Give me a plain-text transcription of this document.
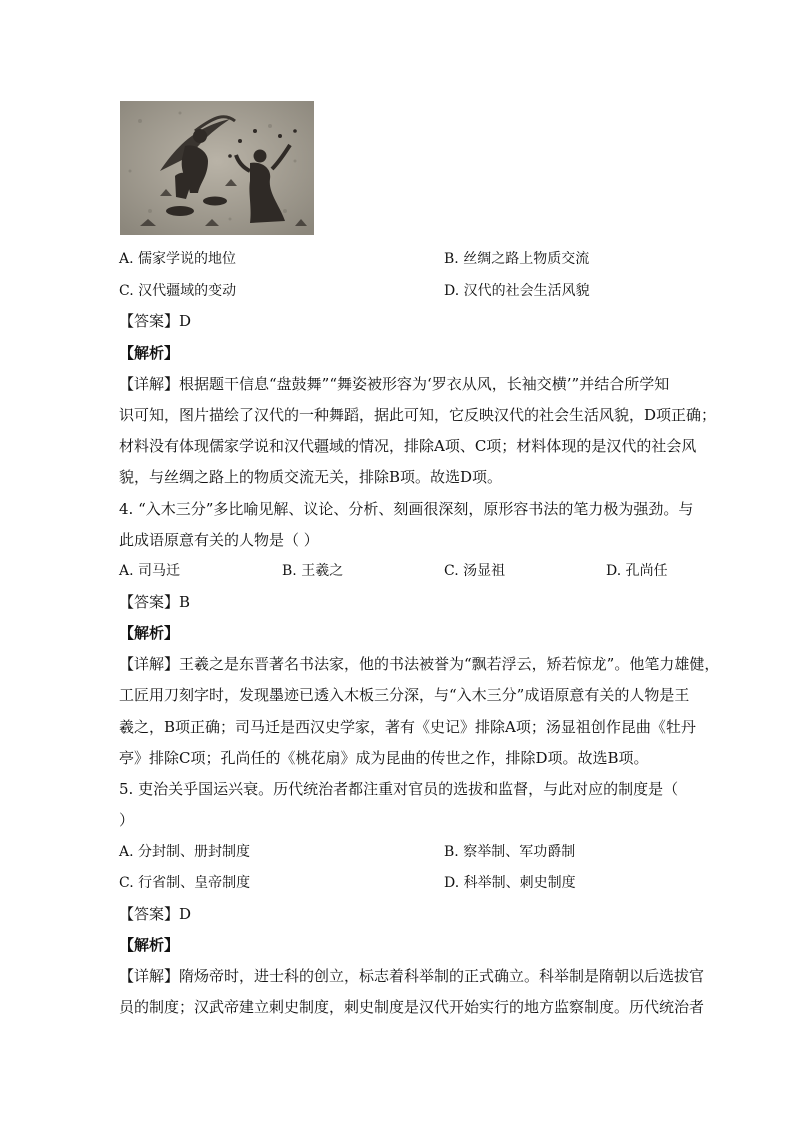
A. 儒家学说的地位	B. 丝绸之路上物质交流
C. 汉代疆域的变动	D. 汉代的社会生活风貌
【答案】D
【解析】
【详解】根据题干信息“盘鼓舞”“舞姿被形容为‘罗衣从风，长袖交横’”并结合所学知
识可知，图片描绘了汉代的一种舞蹈，据此可知，它反映汉代的社会生活风貌，D项正确；
材料没有体现儒家学说和汉代疆域的情况，排除A项、C项；材料体现的是汉代的社会风
貌，与丝绸之路上的物质交流无关，排除B项。故选D项。
4. “入木三分”多比喻见解、议论、分析、刻画很深刻，原形容书法的笔力极为强劲。与
此成语原意有关的人物是（ ）
A. 司马迁	B. 王羲之	C. 汤显祖	D. 孔尚任
【答案】B
【解析】
【详解】王羲之是东晋著名书法家，他的书法被誉为“飘若浮云，矫若惊龙”。他笔力雄健，
工匠用刀刻字时，发现墨迹已透入木板三分深，与“入木三分”成语原意有关的人物是王
羲之，B项正确；司马迁是西汉史学家，著有《史记》排除A项；汤显祖创作昆曲《牡丹
亭》排除C项；孔尚任的《桃花扇》成为昆曲的传世之作，排除D项。故选B项。
5. 吏治关乎国运兴衰。历代统治者都注重对官员的选拔和监督，与此对应的制度是（
）
A. 分封制、册封制度	B. 察举制、军功爵制
C. 行省制、皇帝制度	D. 科举制、刺史制度
【答案】D
【解析】
【详解】隋炀帝时，进士科的创立，标志着科举制的正式确立。科举制是隋朝以后选拔官
员的制度；汉武帝建立刺史制度，刺史制度是汉代开始实行的地方监察制度。历代统治者
